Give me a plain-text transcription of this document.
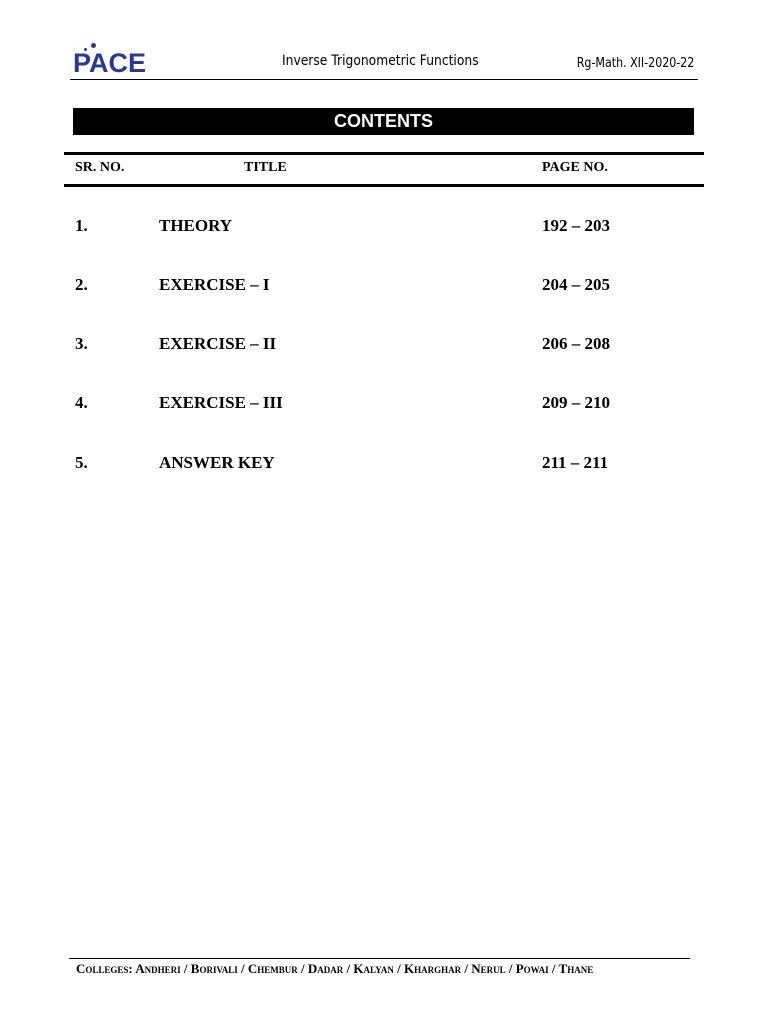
PACE	Inverse Trigonometric Functions	Rg-Math. XII-2020-22
CONTENTS
SR. NO.	TITLE	PAGE NO.
1.	THEORY	192 – 203
2.	EXERCISE – I	204 – 205
3.	EXERCISE – II	206 – 208
4.	EXERCISE – III	209 – 210
5.	ANSWER KEY	211 – 211
Colleges: Andheri / Borivali / Chembur / Dadar / Kalyan / Kharghar / Nerul / Powai / Thane
